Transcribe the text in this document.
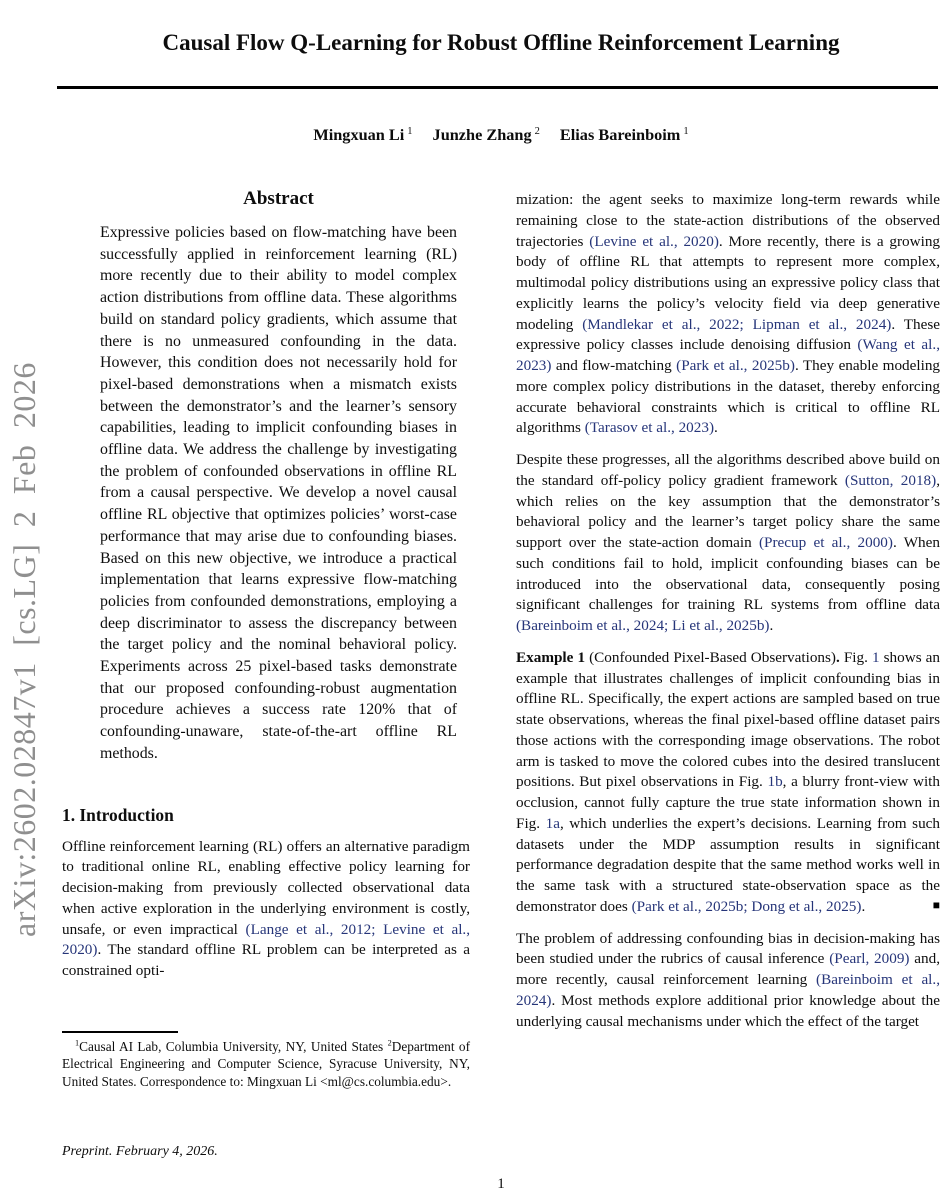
arXiv:2602.02847v1 [cs.LG] 2 Feb 2026
Causal Flow Q-Learning for Robust Offline Reinforcement Learning
Mingxuan Li $^1$ Junzhe Zhang $^2$ Elias Bareinboim $^1$
Abstract
Expressive policies based on flow-matching have been successfully applied in reinforcement learning (RL) more recently due to their ability to model complex action distributions from offline data. These algorithms build on standard policy gradients, which assume that there is no unmeasured confounding in the data. However, this condition does not necessarily hold for pixel-based demonstrations when a mismatch exists between the demonstrator’s and the learner’s sensory capabilities, leading to implicit confounding biases in offline data. We address the challenge by investigating the problem of confounded observations in offline RL from a causal perspective. We develop a novel causal offline RL objective that optimizes policies’ worst-case performance that may arise due to confounding biases. Based on this new objective, we introduce a practical implementation that learns expressive flow-matching policies from confounded demonstrations, employing a deep discriminator to assess the discrepancy between the target policy and the nominal behavioral policy. Experiments across 25 pixel-based tasks demonstrate that our proposed confounding-robust augmentation procedure achieves a success rate 120% that of confounding-unaware, state-of-the-art offline RL methods.
1. Introduction

Offline reinforcement learning (RL) offers an alternative paradigm to traditional online RL, enabling effective policy learning for decision-making from previously collected observational data when active exploration in the underlying environment is costly, unsafe, or even impractical (Lange et al., 2012; Levine et al., 2020). The standard offline RL problem can be interpreted as a constrained opti-

mization: the agent seeks to maximize long-term rewards while remaining close to the state-action distributions of the observed trajectories (Levine et al., 2020). More recently, there is a growing body of offline RL that attempts to represent more complex, multimodal policy distributions using an expressive policy class that explicitly learns the policy’s velocity field via deep generative modeling (Mandlekar et al., 2022; Lipman et al., 2024). These expressive policy classes include denoising diffusion (Wang et al., 2023) and flow-matching (Park et al., 2025b). They enable modeling more complex policy distributions in the dataset, thereby enforcing accurate behavioral constraints which is critical to offline RL algorithms (Tarasov et al., 2023).

Despite these progresses, all the algorithms described above build on the standard off-policy policy gradient framework (Sutton, 2018), which relies on the key assumption that the demonstrator’s behavioral policy and the learner’s target policy share the same support over the state-action domain (Precup et al., 2000). When such conditions fail to hold, implicit confounding biases can be introduced into the observational data, consequently posing significant challenges for training RL systems from offline data (Bareinboim et al., 2024; Li et al., 2025b).

Example 1 (Confounded Pixel-Based Observations). Fig. 1 shows an example that illustrates challenges of implicit confounding bias in offline RL. Specifically, the expert actions are sampled based on true state observations, whereas the final pixel-based offline dataset pairs those actions with the corresponding image observations. The robot arm is tasked to move the colored cubes into the desired translucent positions. But pixel observations in Fig. 1b, a blurry front-view with occlusion, cannot fully capture the true state information shown in Fig. 1a, which underlies the expert’s decisions. Learning from such datasets under the MDP assumption results in significant performance degradation despite that the same method works well in the same task with a structured state-observation space as the demonstrator does (Park et al., 2025b; Dong et al., 2025).	■

The problem of addressing confounding bias in decision-making has been studied under the rubrics of causal inference (Pearl, 2009) and, more recently, causal reinforcement learning (Bareinboim et al., 2024). Most methods explore additional prior knowledge about the underlying causal mechanisms under which the effect of the target

$^1$Causal AI Lab, Columbia University, NY, United States $^2$Department of Electrical Engineering and Computer Science, Syracuse University, NY, United States. Correspondence to: Mingxuan Li <ml@cs.columbia.edu>.
Preprint. February 4, 2026.
1
